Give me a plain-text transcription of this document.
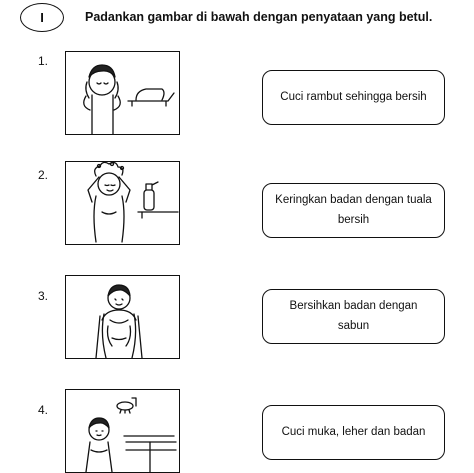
I	Padankan gambar di bawah dengan penyataan yang betul.
1.
Cuci rambut sehingga bersih
2.
Keringkan badan dengan tuala bersih
3.
Bersihkan badan dengan sabun
4.
Cuci muka, leher dan badan
